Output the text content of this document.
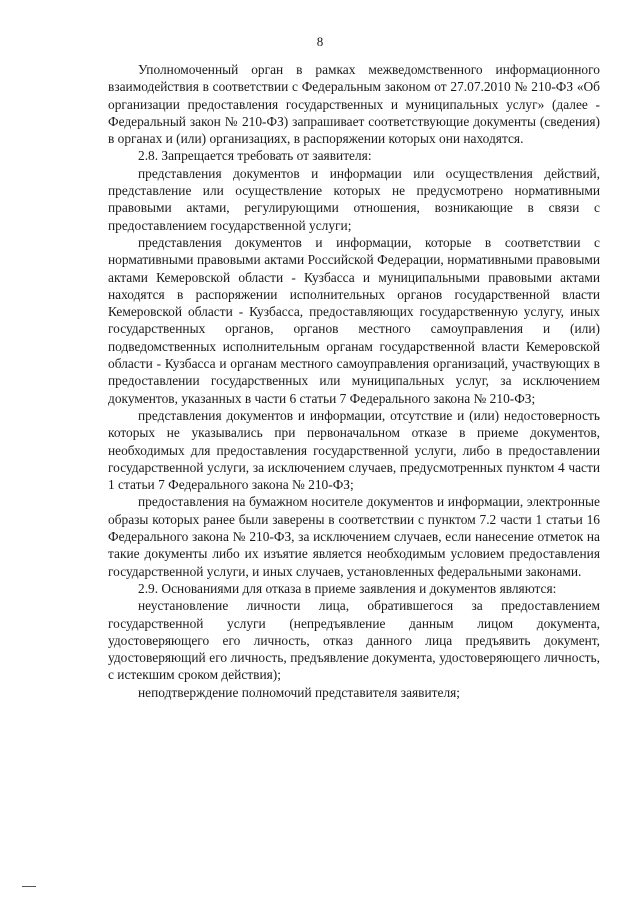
8

Уполномоченный орган в рамках межведомственного информационного взаимодействия в соответствии с Федеральным законом от 27.07.2010 № 210-ФЗ «Об организации предоставления государственных и муниципальных услуг» (далее - Федеральный закон № 210-ФЗ) запрашивает соответствующие документы (сведения) в органах и (или) организациях, в распоряжении которых они находятся.

2.8. Запрещается требовать от заявителя:

представления документов и информации или осуществления действий, представление или осуществление которых не предусмотрено нормативными правовыми актами, регулирующими отношения, возникающие в связи с предоставлением государственной услуги;

представления документов и информации, которые в соответствии с нормативными правовыми актами Российской Федерации, нормативными правовыми актами Кемеровской области - Кузбасса и муниципальными правовыми актами находятся в распоряжении исполнительных органов государственной власти Кемеровской области - Кузбасса, предоставляющих государственную услугу, иных государственных органов, органов местного самоуправления и (или) подведомственных исполнительным органам государственной власти Кемеровской области - Кузбасса и органам местного самоуправления организаций, участвующих в предоставлении государственных или муниципальных услуг, за исключением документов, указанных в части 6 статьи 7 Федерального закона № 210-ФЗ;

представления документов и информации, отсутствие и (или) недостоверность которых не указывались при первоначальном отказе в приеме документов, необходимых для предоставления государственной услуги, либо в предоставлении государственной услуги, за исключением случаев, предусмотренных пунктом 4 части 1 статьи 7 Федерального закона № 210-ФЗ;

предоставления на бумажном носителе документов и информации, электронные образы которых ранее были заверены в соответствии с пунктом 7.2 части 1 статьи 16 Федерального закона № 210-ФЗ, за исключением случаев, если нанесение отметок на такие документы либо их изъятие является необходимым условием предоставления государственной услуги, и иных случаев, установленных федеральными законами.

2.9. Основаниями для отказа в приеме заявления и документов являются:

неустановление личности лица, обратившегося за предоставлением государственной услуги (непредъявление данным лицом документа, удостоверяющего его личность, отказ данного лица предъявить документ, удостоверяющий его личность, предъявление документа, удостоверяющего личность, с истекшим сроком действия);

неподтверждение полномочий представителя заявителя;
